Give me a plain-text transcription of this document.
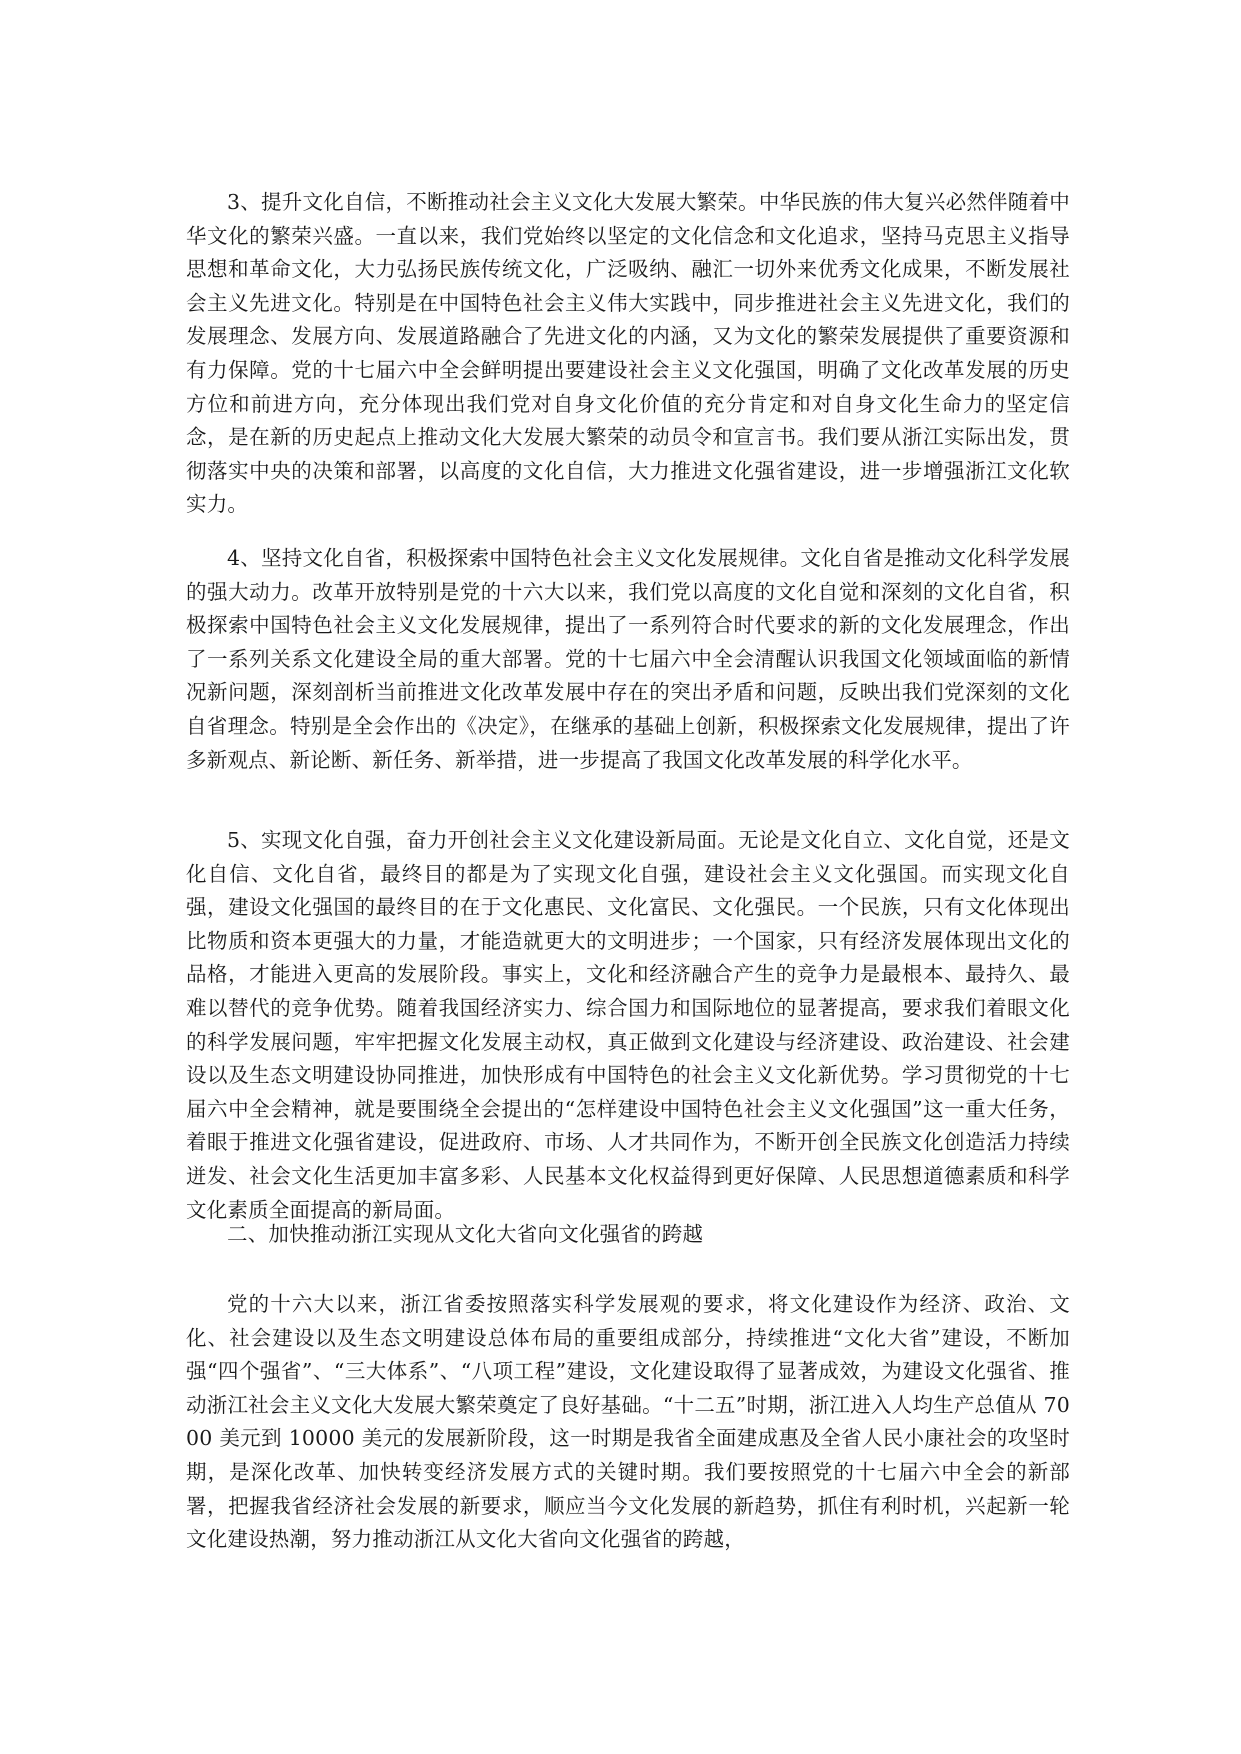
3、提升文化自信，不断推动社会主义文化大发展大繁荣。中华民族的伟大复兴必然伴随着中华文化的繁荣兴盛。一直以来，我们党始终以坚定的文化信念和文化追求，坚持马克思主义指导思想和革命文化，大力弘扬民族传统文化，广泛吸纳、融汇一切外来优秀文化成果，不断发展社会主义先进文化。特别是在中国特色社会主义伟大实践中，同步推进社会主义先进文化，我们的发展理念、发展方向、发展道路融合了先进文化的内涵，又为文化的繁荣发展提供了重要资源和有力保障。党的十七届六中全会鲜明提出要建设社会主义文化强国，明确了文化改革发展的历史方位和前进方向，充分体现出我们党对自身文化价值的充分肯定和对自身文化生命力的坚定信念，是在新的历史起点上推动文化大发展大繁荣的动员令和宣言书。我们要从浙江实际出发，贯彻落实中央的决策和部署，以高度的文化自信，大力推进文化强省建设，进一步增强浙江文化软实力。

4、坚持文化自省，积极探索中国特色社会主义文化发展规律。文化自省是推动文化科学发展的强大动力。改革开放特别是党的十六大以来，我们党以高度的文化自觉和深刻的文化自省，积极探索中国特色社会主义文化发展规律，提出了一系列符合时代要求的新的文化发展理念，作出了一系列关系文化建设全局的重大部署。党的十七届六中全会清醒认识我国文化领域面临的新情况新问题，深刻剖析当前推进文化改革发展中存在的突出矛盾和问题，反映出我们党深刻的文化自省理念。特别是全会作出的《决定》，在继承的基础上创新，积极探索文化发展规律，提出了许多新观点、新论断、新任务、新举措，进一步提高了我国文化改革发展的科学化水平。

5、实现文化自强，奋力开创社会主义文化建设新局面。无论是文化自立、文化自觉，还是文化自信、文化自省，最终目的都是为了实现文化自强，建设社会主义文化强国。而实现文化自强，建设文化强国的最终目的在于文化惠民、文化富民、文化强民。一个民族，只有文化体现出比物质和资本更强大的力量，才能造就更大的文明进步；一个国家，只有经济发展体现出文化的品格，才能进入更高的发展阶段。事实上，文化和经济融合产生的竞争力是最根本、最持久、最难以替代的竞争优势。随着我国经济实力、综合国力和国际地位的显著提高，要求我们着眼文化的科学发展问题，牢牢把握文化发展主动权，真正做到文化建设与经济建设、政治建设、社会建设以及生态文明建设协同推进，加快形成有中国特色的社会主义文化新优势。学习贯彻党的十七届六中全会精神，就是要围绕全会提出的“怎样建设中国特色社会主义文化强国”这一重大任务，着眼于推进文化强省建设，促进政府、市场、人才共同作为，不断开创全民族文化创造活力持续迸发、社会文化生活更加丰富多彩、人民基本文化权益得到更好保障、人民思想道德素质和科学文化素质全面提高的新局面。

二、加快推动浙江实现从文化大省向文化强省的跨越

党的十六大以来，浙江省委按照落实科学发展观的要求，将文化建设作为经济、政治、文化、社会建设以及生态文明建设总体布局的重要组成部分，持续推进“文化大省”建设，不断加强“四个强省”、“三大体系”、“八项工程”建设，文化建设取得了显著成效，为建设文化强省、推动浙江社会主义文化大发展大繁荣奠定了良好基础。“十二五”时期，浙江进入人均生产总值从 7000 美元到 10000 美元的发展新阶段，这一时期是我省全面建成惠及全省人民小康社会的攻坚时期，是深化改革、加快转变经济发展方式的关键时期。我们要按照党的十七届六中全会的新部署，把握我省经济社会发展的新要求，顺应当今文化发展的新趋势，抓住有利时机，兴起新一轮文化建设热潮，努力推动浙江从文化大省向文化强省的跨越，
